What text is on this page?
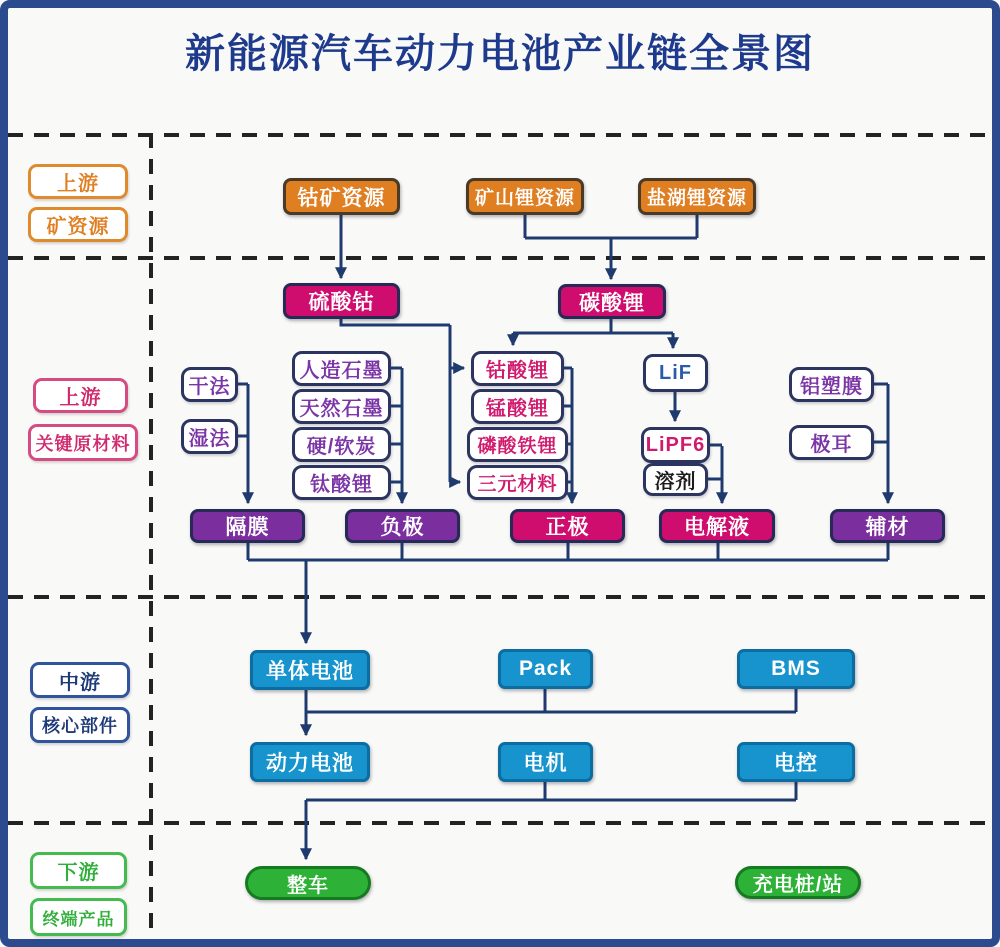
新能源汽车动力电池产业链全景图
上游
矿资源
上游
关键原材料
中游
核心部件
下游
终端产品
钴矿资源	矿山锂资源	盐湖锂资源
硫酸钴	碳酸锂
干法
湿法
人造石墨
天然石墨
硬/软炭
钛酸锂
钴酸锂
锰酸锂
磷酸铁锂
三元材料
LiF
LiPF6
溶剂
铝塑膜
极耳
隔膜	负极	正极	电解液	辅材
单体电池	Pack	BMS
动力电池	电机	电控
整车	充电桩/站
